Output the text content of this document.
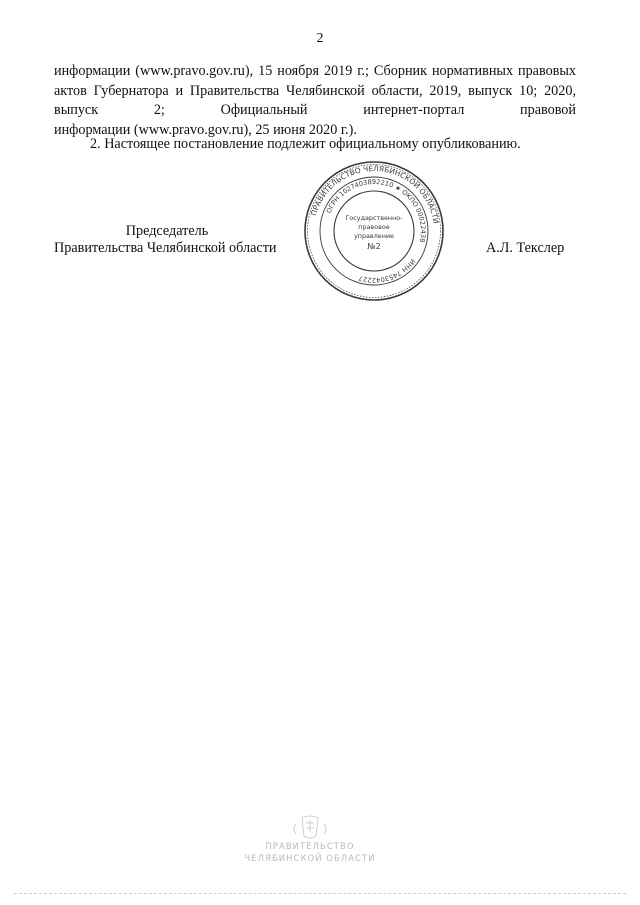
2
информации (www.pravo.gov.ru), 15 ноября 2019 г.; Сборник нормативных правовых актов Губернатора и Правительства Челябинской области, 2019, выпуск 10; 2020, выпуск 2; Официальный интернет-портал правовой
информации (www.pravo.gov.ru), 25 июня 2020 г.).
2. Настоящее постановление подлежит официальному опубликованию.
Председатель
Правительства Челябинской области	А.Л. Текслер
ПРАВИТЕЛЬСТВО ЧЕЛЯБИНСКОЙ ОБЛАСТИ
ОГРН 1027403892210 ★ ОКПО 00022438
ИНН 7453042227
Государственно-
правовое
управление
№2
ПРАВИТЕЛЬСТВО
ЧЕЛЯБИНСКОЙ ОБЛАСТИ
